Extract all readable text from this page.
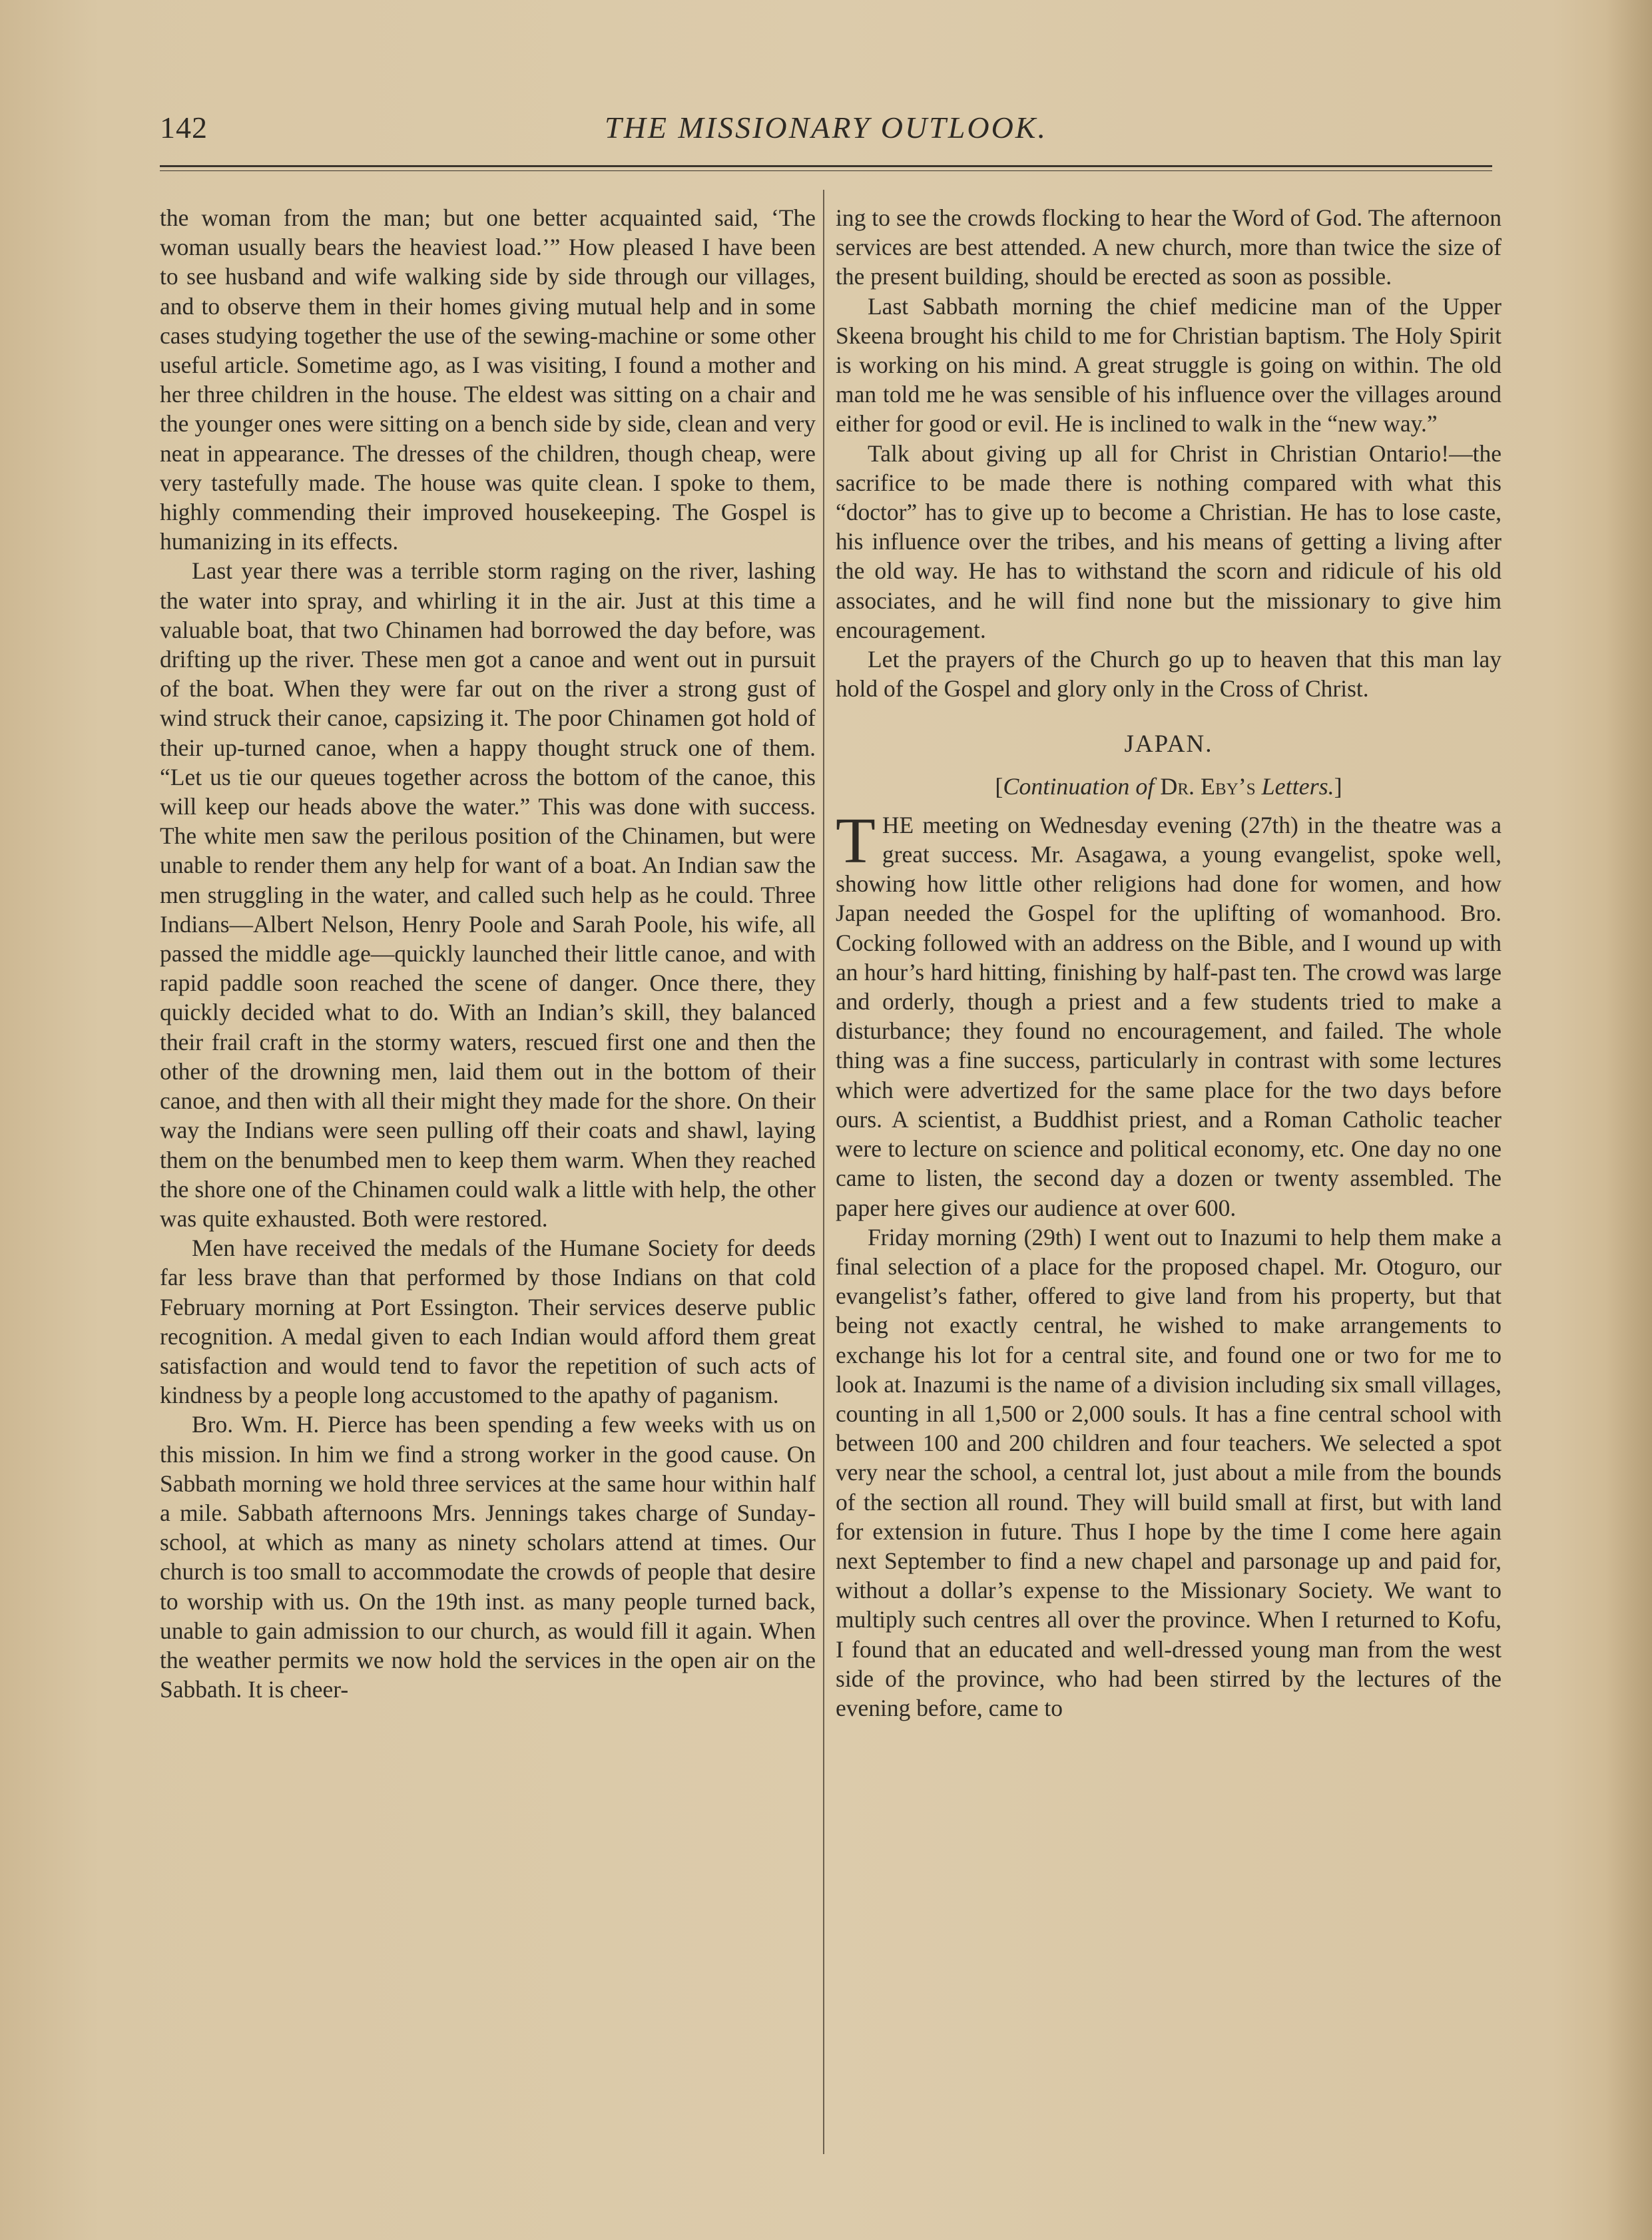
142	THE MISSIONARY OUTLOOK.

the woman from the man; but one better acquainted said, ‘The woman usually bears the heaviest load.’” How pleased I have been to see husband and wife walking side by side through our villages, and to observe them in their homes giving mutual help and in some cases studying together the use of the sewing-machine or some other useful article. Sometime ago, as I was visiting, I found a mother and her three children in the house. The eldest was sitting on a chair and the younger ones were sitting on a bench side by side, clean and very neat in appearance. The dresses of the children, though cheap, were very tastefully made. The house was quite clean. I spoke to them, highly commending their improved housekeeping. The Gospel is humanizing in its effects.

Last year there was a terrible storm raging on the river, lashing the water into spray, and whirling it in the air. Just at this time a valuable boat, that two Chinamen had borrowed the day before, was drifting up the river. These men got a canoe and went out in pursuit of the boat. When they were far out on the river a strong gust of wind struck their canoe, capsizing it. The poor Chinamen got hold of their up-turned canoe, when a happy thought struck one of them. “Let us tie our queues together across the bottom of the canoe, this will keep our heads above the water.” This was done with success. The white men saw the perilous position of the Chinamen, but were unable to render them any help for want of a boat. An Indian saw the men struggling in the water, and called such help as he could. Three Indians—Albert Nelson, Henry Poole and Sarah Poole, his wife, all passed the middle age—quickly launched their little canoe, and with rapid paddle soon reached the scene of danger. Once there, they quickly decided what to do. With an Indian’s skill, they balanced their frail craft in the stormy waters, rescued first one and then the other of the drowning men, laid them out in the bottom of their canoe, and then with all their might they made for the shore. On their way the Indians were seen pulling off their coats and shawl, laying them on the benumbed men to keep them warm. When they reached the shore one of the Chinamen could walk a little with help, the other was quite exhausted. Both were restored.

Men have received the medals of the Humane Society for deeds far less brave than that performed by those Indians on that cold February morning at Port Essington. Their services deserve public recognition. A medal given to each Indian would afford them great satisfaction and would tend to favor the repetition of such acts of kindness by a people long accustomed to the apathy of paganism.

Bro. Wm. H. Pierce has been spending a few weeks with us on this mission. In him we find a strong worker in the good cause. On Sabbath morning we hold three services at the same hour within half a mile. Sabbath afternoons Mrs. Jennings takes charge of Sunday-school, at which as many as ninety scholars attend at times. Our church is too small to accommodate the crowds of people that desire to worship with us. On the 19th inst. as many people turned back, unable to gain admission to our church, as would fill it again. When the weather permits we now hold the services in the open air on the Sabbath. It is cheer-

ing to see the crowds flocking to hear the Word of God. The afternoon services are best attended. A new church, more than twice the size of the present building, should be erected as soon as possible.

Last Sabbath morning the chief medicine man of the Upper Skeena brought his child to me for Christian baptism. The Holy Spirit is working on his mind. A great struggle is going on within. The old man told me he was sensible of his influence over the villages around either for good or evil. He is inclined to walk in the “new way.”

Talk about giving up all for Christ in Christian Ontario!—the sacrifice to be made there is nothing compared with what this “doctor” has to give up to become a Christian. He has to lose caste, his influence over the tribes, and his means of getting a living after the old way. He has to withstand the scorn and ridicule of his old associates, and he will find none but the missionary to give him encouragement.

Let the prayers of the Church go up to heaven that this man lay hold of the Gospel and glory only in the Cross of Christ.

JAPAN.
[Continuation of Dr. Eby’s Letters.]

THE meeting on Wednesday evening (27th) in the theatre was a great success. Mr. Asagawa, a young evangelist, spoke well, showing how little other religions had done for women, and how Japan needed the Gospel for the uplifting of womanhood. Bro. Cocking followed with an address on the Bible, and I wound up with an hour’s hard hitting, finishing by half-past ten. The crowd was large and orderly, though a priest and a few students tried to make a disturbance; they found no encouragement, and failed. The whole thing was a fine success, particularly in contrast with some lectures which were advertized for the same place for the two days before ours. A scientist, a Buddhist priest, and a Roman Catholic teacher were to lecture on science and political economy, etc. One day no one came to listen, the second day a dozen or twenty assembled. The paper here gives our audience at over 600.

Friday morning (29th) I went out to Inazumi to help them make a final selection of a place for the proposed chapel. Mr. Otoguro, our evangelist’s father, offered to give land from his property, but that being not exactly central, he wished to make arrangements to exchange his lot for a central site, and found one or two for me to look at. Inazumi is the name of a division including six small villages, counting in all 1,500 or 2,000 souls. It has a fine central school with between 100 and 200 children and four teachers. We selected a spot very near the school, a central lot, just about a mile from the bounds of the section all round. They will build small at first, but with land for extension in future. Thus I hope by the time I come here again next September to find a new chapel and parsonage up and paid for, without a dollar’s expense to the Missionary Society. We want to multiply such centres all over the province. When I returned to Kofu, I found that an educated and well-dressed young man from the west side of the province, who had been stirred by the lectures of the evening before, came to
